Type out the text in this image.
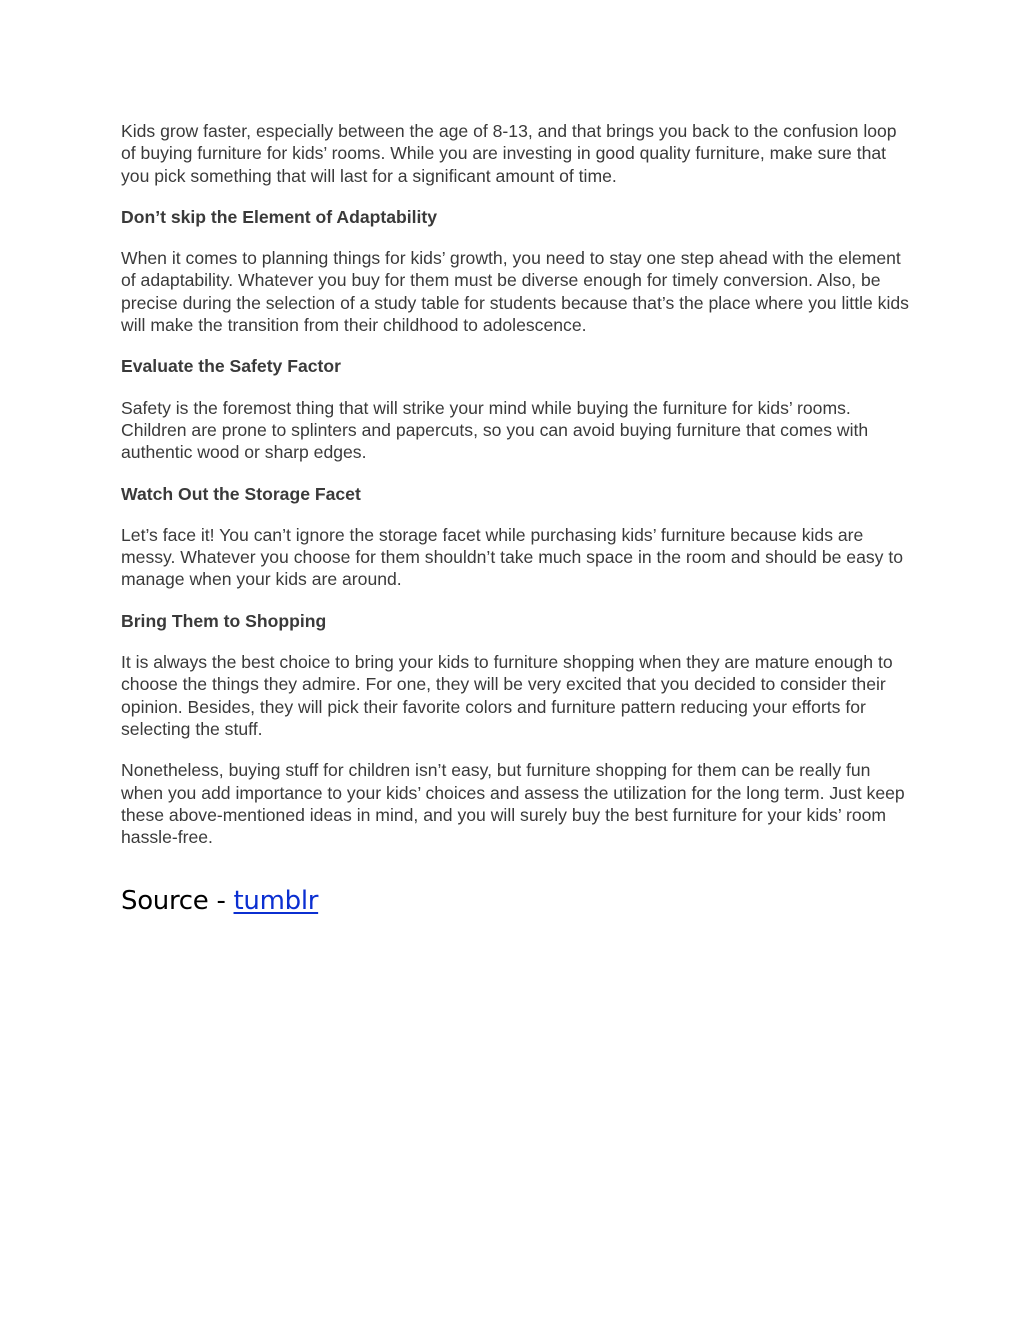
Kids grow faster, especially between the age of 8-13, and that brings you back to the confusion loop of buying furniture for kids’ rooms. While you are investing in good quality furniture, make sure that you pick something that will last for a significant amount of time.

Don’t skip the Element of Adaptability

When it comes to planning things for kids’ growth, you need to stay one step ahead with the element of adaptability. Whatever you buy for them must be diverse enough for timely conversion. Also, be precise during the selection of a study table for students because that’s the place where you little kids will make the transition from their childhood to adolescence.

Evaluate the Safety Factor

Safety is the foremost thing that will strike your mind while buying the furniture for kids’ rooms. Children are prone to splinters and papercuts, so you can avoid buying furniture that comes with authentic wood or sharp edges.

Watch Out the Storage Facet

Let’s face it! You can’t ignore the storage facet while purchasing kids’ furniture because kids are messy. Whatever you choose for them shouldn’t take much space in the room and should be easy to manage when your kids are around.

Bring Them to Shopping

It is always the best choice to bring your kids to furniture shopping when they are mature enough to choose the things they admire. For one, they will be very excited that you decided to consider their opinion. Besides, they will pick their favorite colors and furniture pattern reducing your efforts for selecting the stuff.

Nonetheless, buying stuff for children isn’t easy, but furniture shopping for them can be really fun when you add importance to your kids’ choices and assess the utilization for the long term. Just keep these above-mentioned ideas in mind, and you will surely buy the best furniture for your kids’ room hassle-free.

Source - tumblr
